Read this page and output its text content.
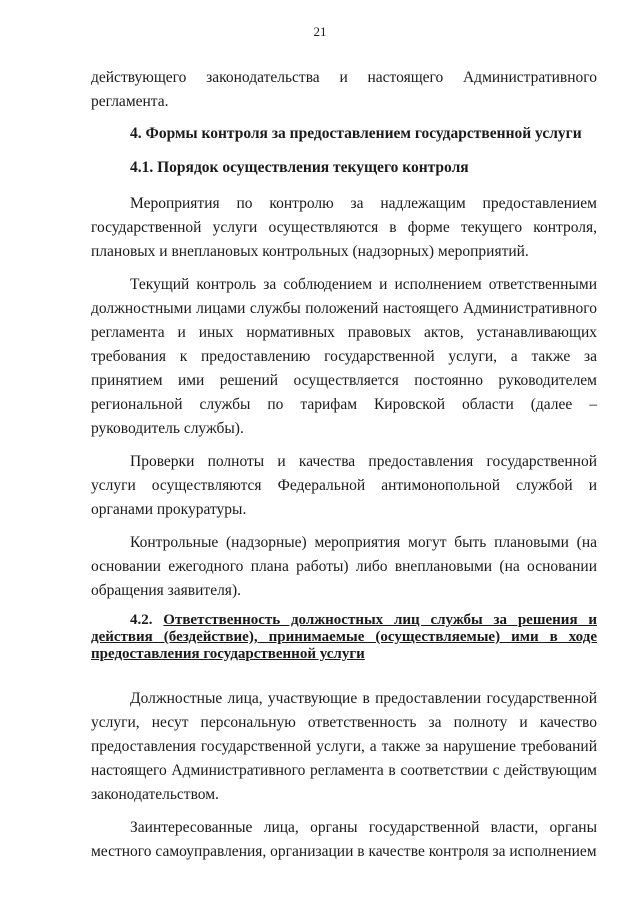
21

действующего законодательства и настоящего Административного регламента.

4. Формы контроля за предоставлением государственной услуги

4.1. Порядок осуществления текущего контроля

Мероприятия по контролю за надлежащим предоставлением государственной услуги осуществляются в форме текущего контроля, плановых и внеплановых контрольных (надзорных) мероприятий.

Текущий контроль за соблюдением и исполнением ответственными должностными лицами службы положений настоящего Административного регламента и иных нормативных правовых актов, устанавливающих требования к предоставлению государственной услуги, а также за принятием ими решений осуществляется постоянно руководителем региональной службы по тарифам Кировской области (далее – руководитель службы).

Проверки полноты и качества предоставления государственной услуги осуществляются Федеральной антимонопольной службой и органами прокуратуры.

Контрольные (надзорные) мероприятия могут быть плановыми (на основании ежегодного плана работы) либо внеплановыми (на основании обращения заявителя).

4.2. Ответственность должностных лиц службы за решения и действия (бездействие), принимаемые (осуществляемые) ими в ходе предоставления государственной услуги

Должностные лица, участвующие в предоставлении государственной услуги, несут персональную ответственность за полноту и качество предоставления государственной услуги, а также за нарушение требований настоящего Административного регламента в соответствии с действующим законодательством.

Заинтересованные лица, органы государственной власти, органы местного самоуправления, организации в качестве контроля за исполнением
